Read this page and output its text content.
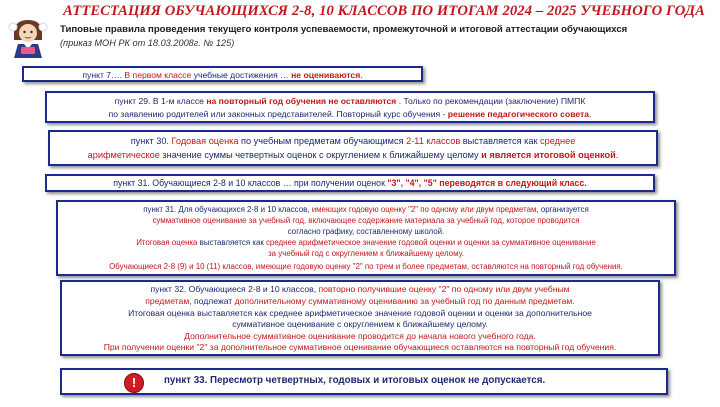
АТТЕСТАЦИЯ ОБУЧАЮЩИХСЯ 2-8, 10 КЛАССОВ ПО ИТОГАМ 2024 – 2025 УЧЕБНОГО ГОДА
Типовые правила проведения текущего контроля успеваемости, промежуточной и итоговой аттестации обучающихся
(приказ МОН РК от 18.03.2008г. № 125)
пункт 7…. В первом классе учебные достижения … не оцениваются.
пункт 29. В 1-м классе на повторный год обучения не оставляются . Только по рекомендации (заключение) ПМПК
по заявлению родителей или законных представителей. Повторный курс обучения - решение педагогического совета.
пункт 30. Годовая оценка по учебным предметам обучающимся 2-11 классов выставляется как среднее
арифметическое значение суммы четвертных оценок с округлением к ближайшему целому и является итоговой оценкой.
пункт 31. Обучающиеся 2-8 и 10 классов … при получении оценок "3", "4", "5" переводятся в следующий класс.
пункт 31. Для обучающихся 2-8 и 10 классов, имеющих годовую оценку "2" по одному или двум предметам, организуется
суммативное оценивание за учебный год, включающее содержание материала за учебный год, которое проводится
согласно графику, составленному школой.
Итоговая оценка выставляется как среднее арифметическое значение годовой оценки и оценки за суммативное оценивание
за учебный год с округлением к ближайшему целому.
Обучающиеся 2-8 (9) и 10 (11) классов, имеющие годовую оценку "2" по трем и более предметам, оставляются на повторный год обучения.
пункт 32. Обучающиеся 2-8 и 10 классов, повторно получившие оценку "2" по одному или двум учебным
предметам, подлежат дополнительному суммативному оцениванию за учебный год по данным предметам.
Итоговая оценка выставляется как среднее арифметическое значение годовой оценки и оценки за дополнительное
суммативное оценивание с округлением к ближайшему целому.
Дополнительное суммативное оценивание проводится до начала нового учебного года.
При получении оценки "2" за дополнительное суммативное оценивание обучающиеся оставляются на повторный год обучения.
!	пункт 33. Пересмотр четвертных, годовых и итоговых оценок не допускается.
